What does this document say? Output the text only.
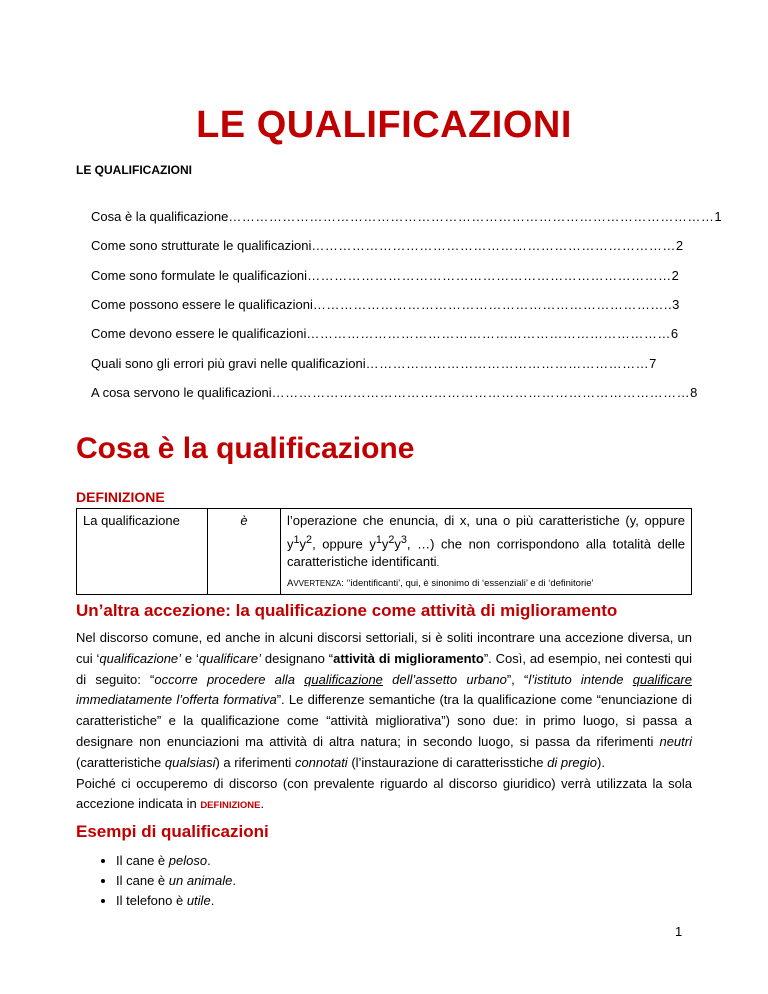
LE QUALIFICAZIONI
LE QUALIFICAZIONI
Cosa è la qualificazione ……………………………………………………………………………………………… 1
Come sono strutturate le qualificazioni ……………………………………………………………………… 2
Come sono formulate le qualificazioni ……………………………………………………………………… 2
Come possono essere le qualificazioni …………………………………………………………………….. 3
Come devono essere le qualificazioni ……………………………………………………………………… 6
Quali sono gli errori più gravi nelle qualificazioni ……………………………………………………… 7
A cosa servono le qualificazioni ………………………………………………………………………………… 8
Cosa è la qualificazione
DEFINIZIONE
La qualificazione	è	l’operazione che enuncia, di x, una o più caratteristiche (y, oppure $y^1y^2$, oppure $y^1y^2y^3$, …) che non corrispondono alla totalità delle caratteristiche identificanti.
AVVERTENZA: ‘‘identificanti’, qui, è sinonimo di ‘essenziali’ e di ‘definitorie’
Un’altra accezione: la qualificazione come attività di miglioramento
Nel discorso comune, ed anche in alcuni discorsi settoriali, si è soliti incontrare una accezione diversa, un cui ‘qualificazione’ e ‘qualificare’ designano “attività di miglioramento”. Così, ad esempio, nei contesti qui di seguito: “occorre procedere alla qualificazione dell’assetto urbano”, “l’istituto intende qualificare immediatamente l’offerta formativa”. Le differenze semantiche (tra la qualificazione come “enunciazione di caratteristiche” e la qualificazione come “attività migliorativa”) sono due: in primo luogo, si passa a designare non enunciazioni ma attività di altra natura; in secondo luogo, si passa da riferimenti neutri (caratteristiche qualsiasi) a riferimenti connotati (l’instaurazione di caratterisstiche di pregio).
Poiché ci occuperemo di discorso (con prevalente riguardo al discorso giuridico) verrà utilizzata la sola accezione indicata in DEFINIZIONE.
Esempi di qualificazioni
• Il cane è peloso.
• Il cane è un animale.
• Il telefono è utile.
1
